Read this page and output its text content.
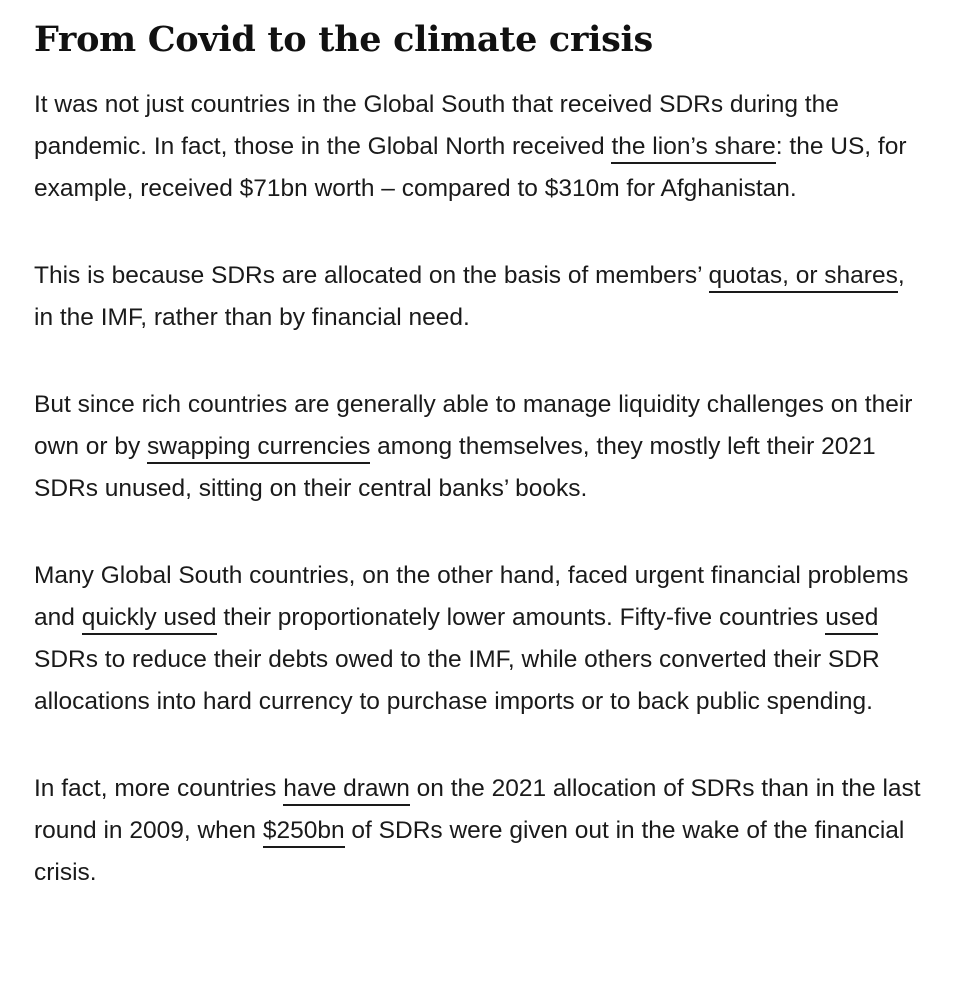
From Covid to the climate crisis

It was not just countries in the Global South that received SDRs during the pandemic. In fact, those in the Global North received the lion’s share: the US, for example, received $71bn worth – compared to $310m for Afghanistan.

This is because SDRs are allocated on the basis of members’ quotas, or shares, in the IMF, rather than by financial need.

But since rich countries are generally able to manage liquidity challenges on their own or by swapping currencies among themselves, they mostly left their 2021 SDRs unused, sitting on their central banks’ books.

Many Global South countries, on the other hand, faced urgent financial problems and quickly used their proportionately lower amounts. Fifty-five countries used SDRs to reduce their debts owed to the IMF, while others converted their SDR allocations into hard currency to purchase imports or to back public spending.

In fact, more countries have drawn on the 2021 allocation of SDRs than in the last round in 2009, when $250bn of SDRs were given out in the wake of the financial crisis.
